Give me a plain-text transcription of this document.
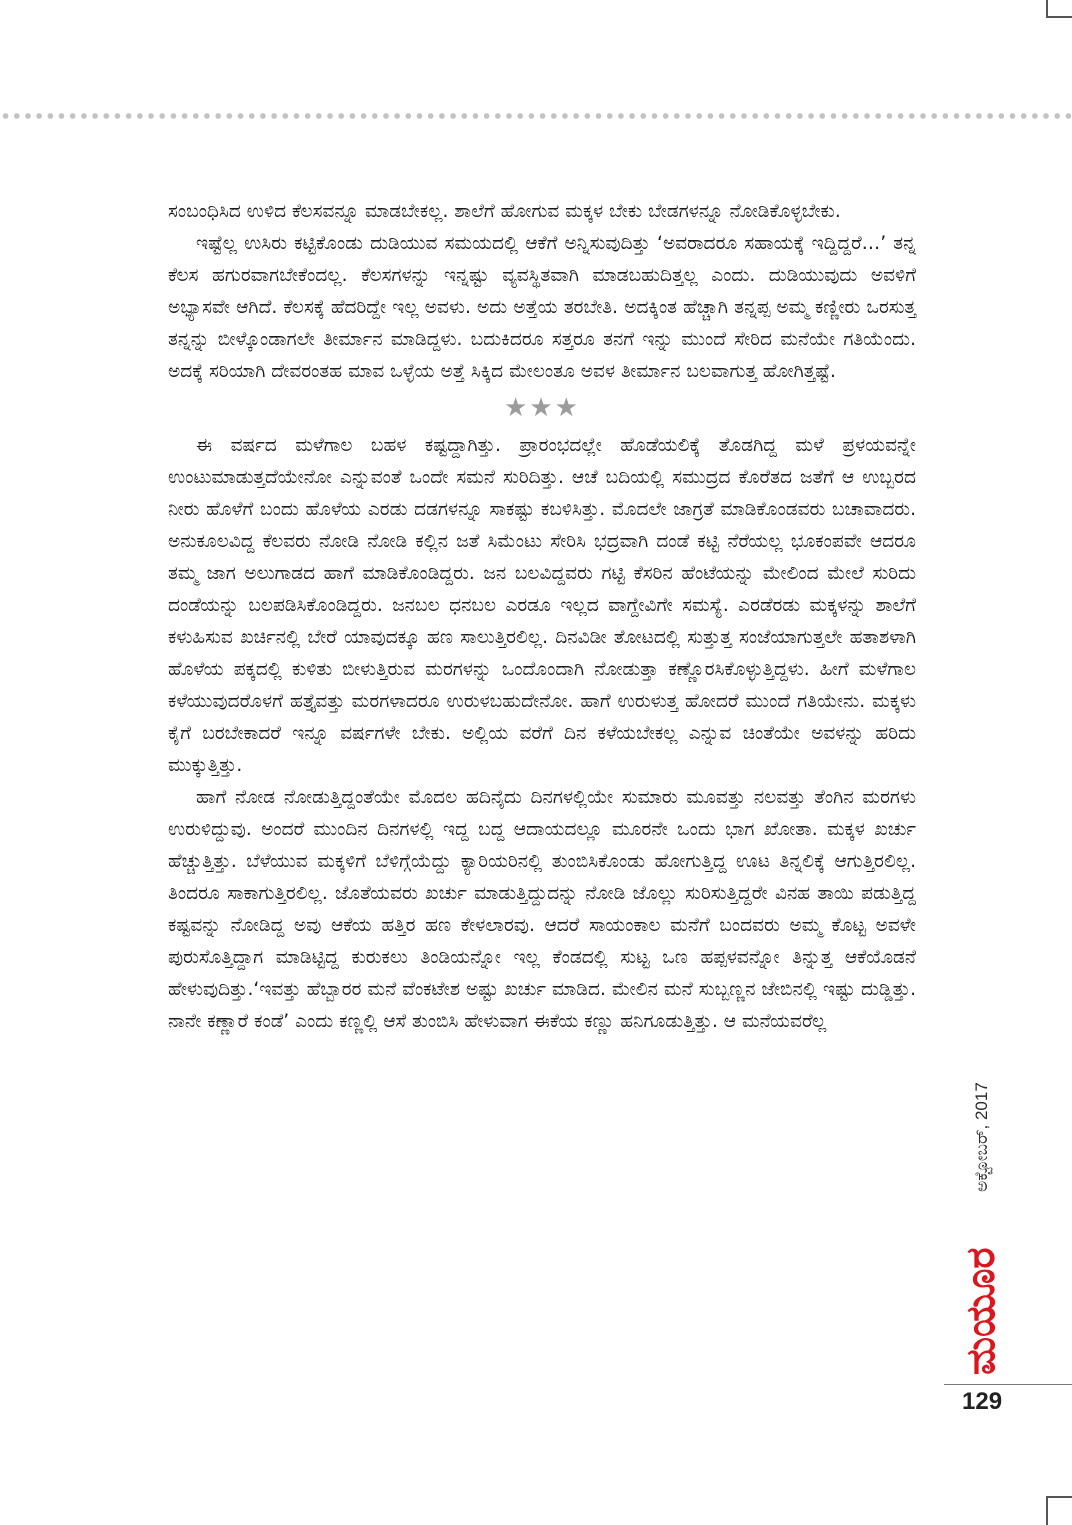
ಸಂಬಂಧಿಸಿದ ಉಳಿದ ಕೆಲಸವನ್ನೂ ಮಾಡಬೇಕಲ್ಲ. ಶಾಲೆಗೆ ಹೋಗುವ ಮಕ್ಕಳ ಬೇಕು ಬೇಡಗಳನ್ನೂ ನೋಡಿಕೊಳ್ಳಬೇಕು.

ಇಷ್ಟೆಲ್ಲ ಉಸಿರು ಕಟ್ಟಿಕೊಂಡು ದುಡಿಯುವ ಸಮಯದಲ್ಲಿ ಆಕೆಗೆ ಅನ್ನಿಸುವುದಿತ್ತು ‘ಅವರಾದರೂ ಸಹಾಯಕ್ಕೆ ಇದ್ದಿದ್ದರೆ…’ ತನ್ನ ಕೆಲಸ ಹಗುರವಾಗಬೇಕೆಂದಲ್ಲ. ಕೆಲಸಗಳನ್ನು ಇನ್ನಷ್ಟು ವ್ಯವಸ್ಥಿತವಾಗಿ ಮಾಡಬಹುದಿತ್ತಲ್ಲ ಎಂದು. ದುಡಿಯುವುದು ಅವಳಿಗೆ ಅಭ್ಯಾಸವೇ ಆಗಿದೆ. ಕೆಲಸಕ್ಕೆ ಹೆದರಿದ್ದೇ ಇಲ್ಲ ಅವಳು. ಅದು ಅತ್ತೆಯ ತರಬೇತಿ. ಅದಕ್ಕಿಂತ ಹೆಚ್ಚಾಗಿ ತನ್ನಪ್ಪ ಅಮ್ಮ ಕಣ್ಣೀರು ಒರಸುತ್ತ ತನ್ನನ್ನು ಬೀಳ್ಕೊಂಡಾಗಲೇ ತೀರ್ಮಾನ ಮಾಡಿದ್ದಳು. ಬದುಕಿದರೂ ಸತ್ತರೂ ತನಗೆ ಇನ್ನು ಮುಂದೆ ಸೇರಿದ ಮನೆಯೇ ಗತಿಯೆಂದು. ಅದಕ್ಕೆ ಸರಿಯಾಗಿ ದೇವರಂತಹ ಮಾವ ಒಳ್ಳೆಯ ಅತ್ತೆ ಸಿಕ್ಕಿದ ಮೇಲಂತೂ ಅವಳ ತೀರ್ಮಾನ ಬಲವಾಗುತ್ತ ಹೋಗಿತ್ತಷ್ಟೆ.

★★★

ಈ ವರ್ಷದ ಮಳೆಗಾಲ ಬಹಳ ಕಷ್ಟದ್ದಾಗಿತ್ತು. ಪ್ರಾರಂಭದಲ್ಲೇ ಹೊಡೆಯಲಿಕ್ಕೆ ತೊಡಗಿದ್ದ ಮಳೆ ಪ್ರಳಯವನ್ನೇ ಉಂಟುಮಾಡುತ್ತದೆಯೇನೋ ಎನ್ನುವಂತೆ ಒಂದೇ ಸಮನೆ ಸುರಿದಿತ್ತು. ಆಚೆ ಬದಿಯಲ್ಲಿ ಸಮುದ್ರದ ಕೊರೆತದ ಜತೆಗೆ ಆ ಉಬ್ಬರದ ನೀರು ಹೊಳೆಗೆ ಬಂದು ಹೊಳೆಯ ಎರಡು ದಡಗಳನ್ನೂ ಸಾಕಷ್ಟು ಕಬಳಿಸಿತ್ತು. ಮೊದಲೇ ಜಾಗ್ರತೆ ಮಾಡಿಕೊಂಡವರು ಬಚಾವಾದರು. ಅನುಕೂಲವಿದ್ದ ಕೆಲವರು ನೋಡಿ ನೋಡಿ ಕಲ್ಲಿನ ಜತೆ ಸಿಮೆಂಟು ಸೇರಿಸಿ ಭದ್ರವಾಗಿ ದಂಡೆ ಕಟ್ಟಿ ನೆರೆಯಲ್ಲ ಭೂಕಂಪವೇ ಆದರೂ ತಮ್ಮ ಜಾಗ ಅಲುಗಾಡದ ಹಾಗೆ ಮಾಡಿಕೊಂಡಿದ್ದರು. ಜನ ಬಲವಿದ್ದವರು ಗಟ್ಟಿ ಕೆಸರಿನ ಹೆಂಟೆಯನ್ನು ಮೇಲಿಂದ ಮೇಲೆ ಸುರಿದು ದಂಡೆಯನ್ನು ಬಲಪಡಿಸಿಕೊಂಡಿದ್ದರು. ಜನಬಲ ಧನಬಲ ಎರಡೂ ಇಲ್ಲದ ವಾಗ್ದೇವಿಗೇ ಸಮಸ್ಯೆ. ಎರಡೆರಡು ಮಕ್ಕಳನ್ನು ಶಾಲೆಗೆ ಕಳುಹಿಸುವ ಖರ್ಚಿನಲ್ಲಿ ಬೇರೆ ಯಾವುದಕ್ಕೂ ಹಣ ಸಾಲುತ್ತಿರಲಿಲ್ಲ. ದಿನವಿಡೀ ತೋಟದಲ್ಲಿ ಸುತ್ತುತ್ತ ಸಂಜೆಯಾಗುತ್ತಲೇ ಹತಾಶಳಾಗಿ ಹೊಳೆಯ ಪಕ್ಕದಲ್ಲಿ ಕುಳಿತು ಬೀಳುತ್ತಿರುವ ಮರಗಳನ್ನು ಒಂದೊಂದಾಗಿ ನೋಡುತ್ತಾ ಕಣ್ಣೊರಸಿಕೊಳ್ಳುತ್ತಿದ್ದಳು. ಹೀಗೆ ಮಳೆಗಾಲ ಕಳೆಯುವುದರೊಳಗೆ ಹತ್ತೈವತ್ತು ಮರಗಳಾದರೂ ಉರುಳಬಹುದೇನೋ. ಹಾಗೆ ಉರುಳುತ್ತ ಹೋದರೆ ಮುಂದೆ ಗತಿಯೇನು. ಮಕ್ಕಳು ಕೈಗೆ ಬರಬೇಕಾದರೆ ಇನ್ನೂ ವರ್ಷಗಳೇ ಬೇಕು. ಅಲ್ಲಿಯ ವರೆಗೆ ದಿನ ಕಳೆಯಬೇಕಲ್ಲ ಎನ್ನುವ ಚಿಂತೆಯೇ ಅವಳನ್ನು ಹರಿದು ಮುಕ್ಕುತ್ತಿತ್ತು.

ಹಾಗೆ ನೋಡ ನೋಡುತ್ತಿದ್ದಂತೆಯೇ ಮೊದಲ ಹದಿನೈದು ದಿನಗಳಲ್ಲಿಯೇ ಸುಮಾರು ಮೂವತ್ತು ನಲವತ್ತು ತೆಂಗಿನ ಮರಗಳು ಉರುಳಿದ್ದುವು. ಅಂದರೆ ಮುಂದಿನ ದಿನಗಳಲ್ಲಿ ಇದ್ದ ಬದ್ದ ಆದಾಯದಲ್ಲೂ ಮೂರನೇ ಒಂದು ಭಾಗ ಖೋತಾ. ಮಕ್ಕಳ ಖರ್ಚು ಹೆಚ್ಚುತ್ತಿತ್ತು. ಬೆಳೆಯುವ ಮಕ್ಕಳಿಗೆ ಬೆಳಿಗ್ಗೆಯೆದ್ದು ಕ್ಯಾರಿಯರಿನಲ್ಲಿ ತುಂಬಿಸಿಕೊಂಡು ಹೋಗುತ್ತಿದ್ದ ಊಟ ತಿನ್ನಲಿಕ್ಕೆ ಆಗುತ್ತಿರಲಿಲ್ಲ. ತಿಂದರೂ ಸಾಕಾಗುತ್ತಿರಲಿಲ್ಲ. ಜೊತೆಯವರು ಖರ್ಚು ಮಾಡುತ್ತಿದ್ದುದನ್ನು ನೋಡಿ ಜೊಲ್ಲು ಸುರಿಸುತ್ತಿದ್ದರೇ ವಿನಹ ತಾಯಿ ಪಡುತ್ತಿದ್ದ ಕಷ್ಟವನ್ನು ನೋಡಿದ್ದ ಅವು ಆಕೆಯ ಹತ್ತಿರ ಹಣ ಕೇಳಲಾರವು. ಆದರೆ ಸಾಯಂಕಾಲ ಮನೆಗೆ ಬಂದವರು ಅಮ್ಮ ಕೊಟ್ಟ ಅವಳೇ ಪುರುಸೊತ್ತಿದ್ದಾಗ ಮಾಡಿಟ್ಟಿದ್ದ ಕುರುಕಲು ತಿಂಡಿಯನ್ನೋ ಇಲ್ಲ ಕೆಂಡದಲ್ಲಿ ಸುಟ್ಟ ಒಣ ಹಪ್ಪಳವನ್ನೋ ತಿನ್ನುತ್ತ ಆಕೆಯೊಡನೆ ಹೇಳುವುದಿತ್ತು.‘ಇವತ್ತು ಹೆಬ್ಬಾರರ ಮನೆ ವೆಂಕಟೇಶ ಅಷ್ಟು ಖರ್ಚು ಮಾಡಿದ. ಮೇಲಿನ ಮನೆ ಸುಬ್ಬಣ್ಣನ ಜೇಬಿನಲ್ಲಿ ಇಷ್ಟು ದುಡ್ಡಿತ್ತು. ನಾನೇ ಕಣ್ಣಾರೆ ಕಂಡೆ’ ಎಂದು ಕಣ್ಣಲ್ಲಿ ಆಸೆ ತುಂಬಿಸಿ ಹೇಳುವಾಗ ಈಕೆಯ ಕಣ್ಣು ಹನಿಗೂಡುತ್ತಿತ್ತು. ಆ ಮನೆಯವರೆಲ್ಲ

ಅಕ್ಟೋಬರ್, 2017
ಮಯೂರ
129
